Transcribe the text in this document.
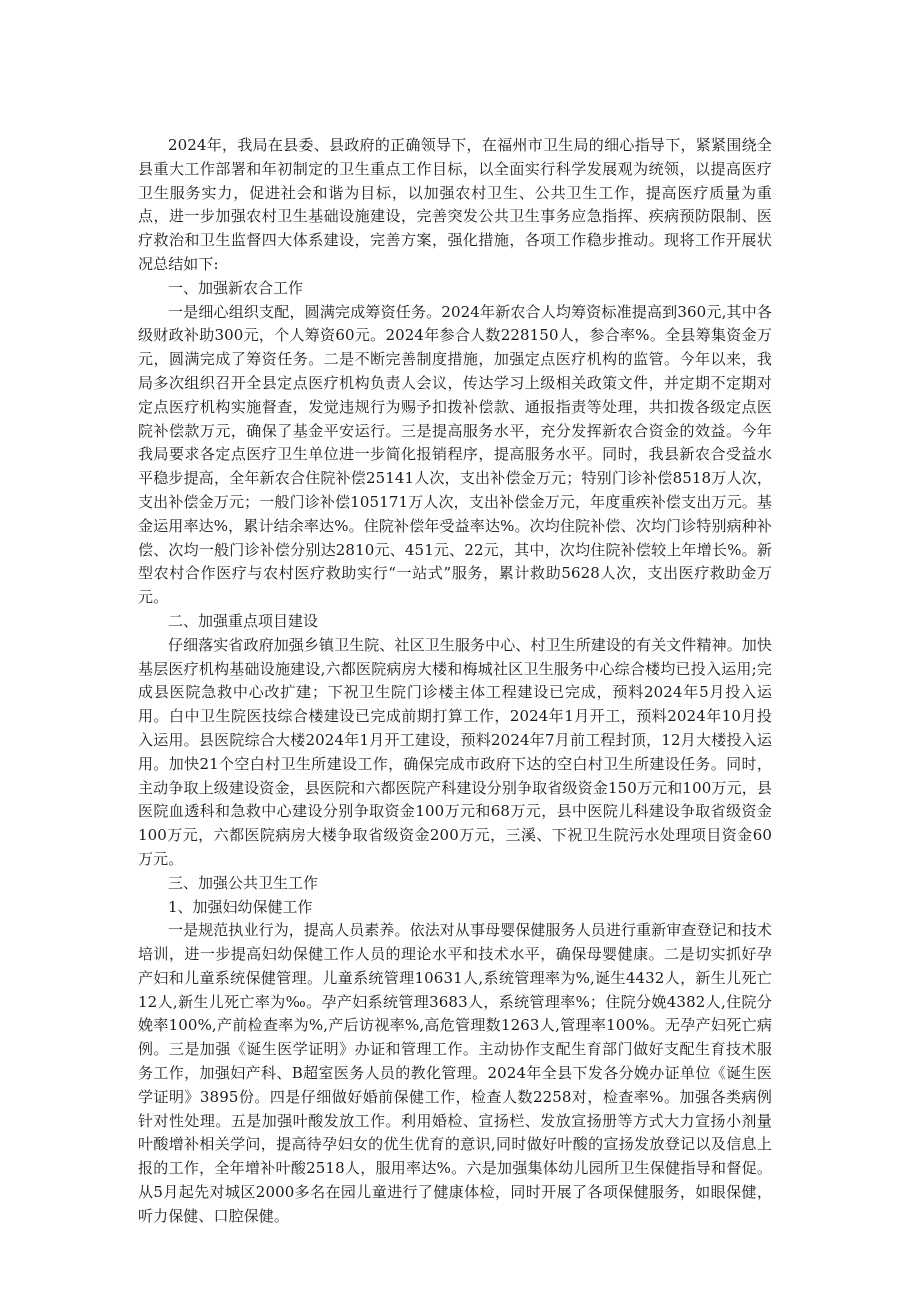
2024年，我局在县委、县政府的正确领导下，在福州市卫生局的细心指导下，紧紧围绕全县重大工作部署和年初制定的卫生重点工作目标，以全面实行科学发展观为统领，以提高医疗卫生服务实力，促进社会和谐为目标，以加强农村卫生、公共卫生工作，提高医疗质量为重点，进一步加强农村卫生基础设施建设，完善突发公共卫生事务应急指挥、疾病预防限制、医疗救治和卫生监督四大体系建设，完善方案，强化措施，各项工作稳步推动。现将工作开展状况总结如下:

一、加强新农合工作

一是细心组织支配，圆满完成筹资任务。2024年新农合人均筹资标准提高到360元,其中各级财政补助300元，个人筹资60元。2024年参合人数228150人，参合率%。全县筹集资金万元，圆满完成了筹资任务。二是不断完善制度措施，加强定点医疗机构的监管。今年以来，我局多次组织召开全县定点医疗机构负责人会议，传达学习上级相关政策文件，并定期不定期对定点医疗机构实施督查，发觉违规行为赐予扣拨补偿款、通报指责等处理，共扣拨各级定点医院补偿款万元，确保了基金平安运行。三是提高服务水平，充分发挥新农合资金的效益。今年我局要求各定点医疗卫生单位进一步简化报销程序，提高服务水平。同时，我县新农合受益水平稳步提高，全年新农合住院补偿25141人次，支出补偿金万元；特别门诊补偿8518万人次，支出补偿金万元；一般门诊补偿105171万人次，支出补偿金万元，年度重疾补偿支出万元。基金运用率达%，累计结余率达%。住院补偿年受益率达%。次均住院补偿、次均门诊特别病种补偿、次均一般门诊补偿分别达2810元、451元、22元，其中，次均住院补偿较上年增长%。新型农村合作医疗与农村医疗救助实行“一站式”服务，累计救助5628人次，支出医疗救助金万元。

二、加强重点项目建设

仔细落实省政府加强乡镇卫生院、社区卫生服务中心、村卫生所建设的有关文件精神。加快基层医疗机构基础设施建设,六都医院病房大楼和梅城社区卫生服务中心综合楼均已投入运用;完成县医院急救中心改扩建；下祝卫生院门诊楼主体工程建设已完成，预料2024年5月投入运用。白中卫生院医技综合楼建设已完成前期打算工作，2024年1月开工，预料2024年10月投入运用。县医院综合大楼2024年1月开工建设，预料2024年7月前工程封顶，12月大楼投入运用。加快21个空白村卫生所建设工作，确保完成市政府下达的空白村卫生所建设任务。同时，主动争取上级建设资金，县医院和六都医院产科建设分别争取省级资金150万元和100万元，县医院血透科和急救中心建设分别争取资金100万元和68万元，县中医院儿科建设争取省级资金100万元，六都医院病房大楼争取省级资金200万元，三溪、下祝卫生院污水处理项目资金60万元。

三、加强公共卫生工作

1、加强妇幼保健工作

一是规范执业行为，提高人员素养。依法对从事母婴保健服务人员进行重新审查登记和技术培训，进一步提高妇幼保健工作人员的理论水平和技术水平，确保母婴健康。二是切实抓好孕产妇和儿童系统保健管理。儿童系统管理10631人,系统管理率为%,诞生4432人，新生儿死亡12人,新生儿死亡率为‰。孕产妇系统管理3683人，系统管理率%；住院分娩4382人,住院分娩率100%,产前检查率为%,产后访视率%,高危管理数1263人,管理率100%。无孕产妇死亡病例。三是加强《诞生医学证明》办证和管理工作。主动协作支配生育部门做好支配生育技术服务工作，加强妇产科、B超室医务人员的教化管理。2024年全县下发各分娩办证单位《诞生医学证明》3895份。四是仔细做好婚前保健工作，检查人数2258对，检查率%。加强各类病例针对性处理。五是加强叶酸发放工作。利用婚检、宣扬栏、发放宣扬册等方式大力宣扬小剂量叶酸增补相关学问，提高待孕妇女的优生优育的意识,同时做好叶酸的宣扬发放登记以及信息上报的工作，全年增补叶酸2518人，服用率达%。六是加强集体幼儿园所卫生保健指导和督促。从5月起先对城区2000多名在园儿童进行了健康体检，同时开展了各项保健服务，如眼保健，听力保健、口腔保健。
